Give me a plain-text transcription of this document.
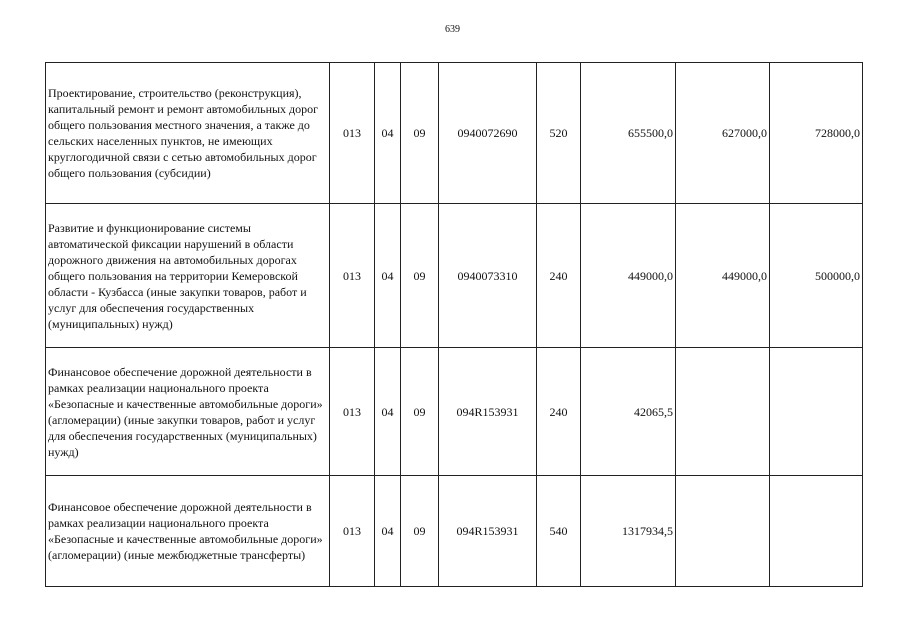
639
Проектирование, строительство (реконструкция), капитальный ремонт и ремонт автомобильных дорог общего пользования местного значения, а также до сельских населенных пунктов, не имеющих круглогодичной связи с сетью автомобильных дорог общего пользования (субсидии)	013	04	09	0940072690	520	655500,0	627000,0	728000,0
Развитие и функционирование системы автоматической фиксации нарушений в области дорожного движения на автомобильных дорогах общего пользования на территории Кемеровской области - Кузбасса (иные закупки товаров, работ и услуг для обеспечения государственных (муниципальных) нужд)	013	04	09	0940073310	240	449000,0	449000,0	500000,0
Финансовое обеспечение дорожной деятельности в рамках реализации национального проекта «Безопасные и качественные автомобильные дороги» (агломерации) (иные закупки товаров, работ и услуг для обеспечения государственных (муниципальных) нужд)	013	04	09	094R153931	240	42065,5		
Финансовое обеспечение дорожной деятельности в рамках реализации национального проекта «Безопасные и качественные автомобильные дороги» (агломерации) (иные межбюджетные трансферты)	013	04	09	094R153931	540	1317934,5		
